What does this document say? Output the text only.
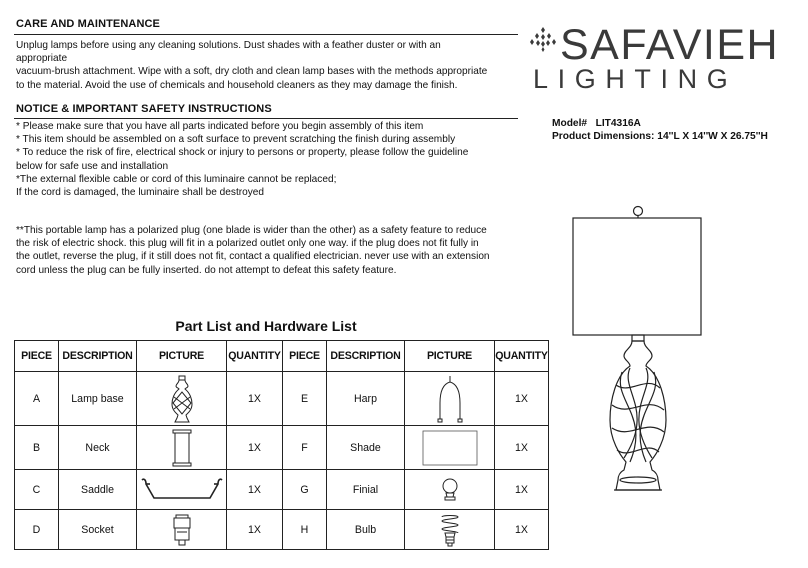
CARE AND MAINTENANCE
Unplug lamps before using any cleaning solutions. Dust shades with a feather duster or with an
appropriate
vacuum-brush attachment. Wipe with a soft, dry cloth and clean lamp bases with the methods appropriate
to the material. Avoid the use of chemicals and household cleaners as they may damage the finish.
NOTICE & IMPORTANT SAFETY INSTRUCTIONS
* Please make sure that you have all parts indicated before you begin assembly of this item
* This item should be assembled on a soft surface to prevent scratching the finish during assembly
* To reduce the risk of fire, electrical shock or injury to persons or property, please follow the guideline
below for safe use and installation
*The external flexible cable or cord of this luminaire cannot be replaced;
If the cord is damaged, the luminaire shall be destroyed
**This portable lamp has a polarized plug (one blade is wider than the other) as a safety feature to reduce
the risk of electric shock. this plug will fit in a polarized outlet only one way. if the plug does not fit fully in
the outlet, reverse the plug, if it still does not fit, contact a qualified electrician. never use with an extension
cord unless the plug can be fully inserted. do not attempt to defeat this safety feature.
SAFAVIEH
LIGHTING
Model# LIT4316A
Product Dimensions: 14''L X 14''W X 26.75''H
Part List and Hardware List
PIECE	DESCRIPTION	PICTURE	QUANTITY	PIECE	DESCRIPTION	PICTURE	QUANTITY
A	Lamp base		1X	E	Harp		1X
B	Neck		1X	F	Shade		1X
C	Saddle		1X	G	Finial		1X
D	Socket		1X	H	Bulb		1X
